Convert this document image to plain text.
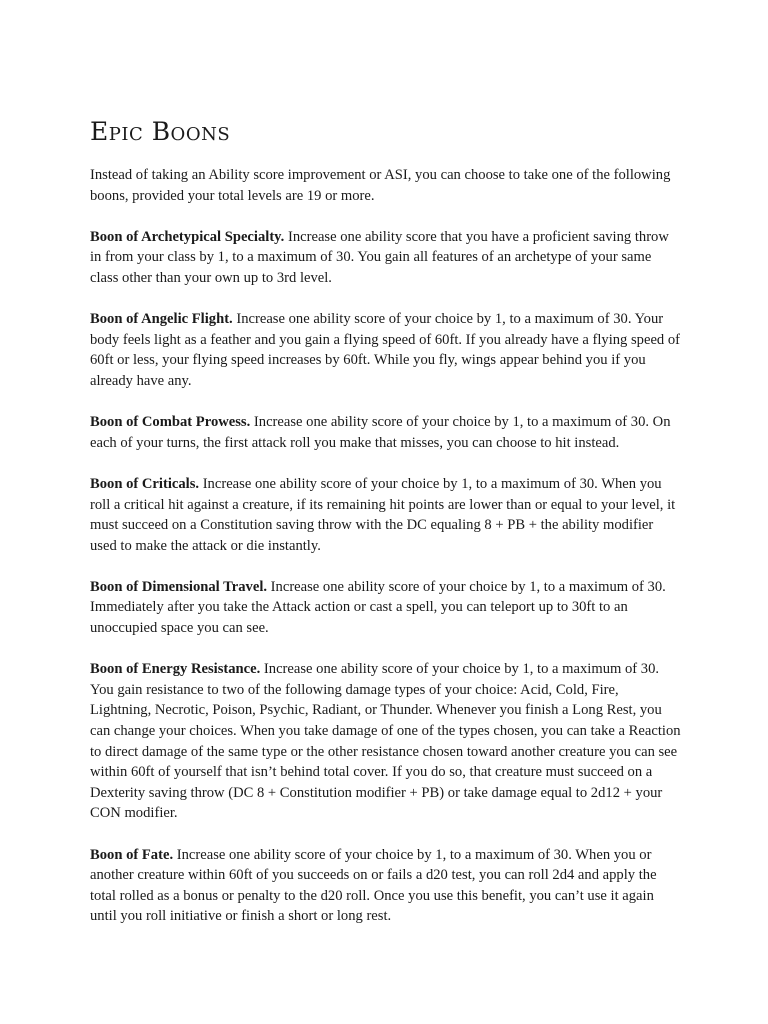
Epic Boons

Instead of taking an Ability score improvement or ASI, you can choose to take one of the following boons, provided your total levels are 19 or more.

Boon of Archetypical Specialty. Increase one ability score that you have a proficient saving throw in from your class by 1, to a maximum of 30. You gain all features of an archetype of your same class other than your own up to 3rd level.

Boon of Angelic Flight. Increase one ability score of your choice by 1, to a maximum of 30. Your body feels light as a feather and you gain a flying speed of 60ft. If you already have a flying speed of 60ft or less, your flying speed increases by 60ft. While you fly, wings appear behind you if you already have any.

Boon of Combat Prowess. Increase one ability score of your choice by 1, to a maximum of 30. On each of your turns, the first attack roll you make that misses, you can choose to hit instead.

Boon of Criticals. Increase one ability score of your choice by 1, to a maximum of 30. When you roll a critical hit against a creature, if its remaining hit points are lower than or equal to your level, it must succeed on a Constitution saving throw with the DC equaling 8 + PB + the ability modifier used to make the attack or die instantly.

Boon of Dimensional Travel. Increase one ability score of your choice by 1, to a maximum of 30. Immediately after you take the Attack action or cast a spell, you can teleport up to 30ft to an unoccupied space you can see.

Boon of Energy Resistance. Increase one ability score of your choice by 1, to a maximum of 30. You gain resistance to two of the following damage types of your choice: Acid, Cold, Fire, Lightning, Necrotic, Poison, Psychic, Radiant, or Thunder. Whenever you finish a Long Rest, you can change your choices. When you take damage of one of the types chosen, you can take a Reaction to direct damage of the same type or the other resistance chosen toward another creature you can see within 60ft of yourself that isn’t behind total cover. If you do so, that creature must succeed on a Dexterity saving throw (DC 8 + Constitution modifier + PB) or take damage equal to 2d12 + your CON modifier.

Boon of Fate. Increase one ability score of your choice by 1, to a maximum of 30. When you or another creature within 60ft of you succeeds on or fails a d20 test, you can roll 2d4 and apply the total rolled as a bonus or penalty to the d20 roll. Once you use this benefit, you can’t use it again until you roll initiative or finish a short or long rest.
